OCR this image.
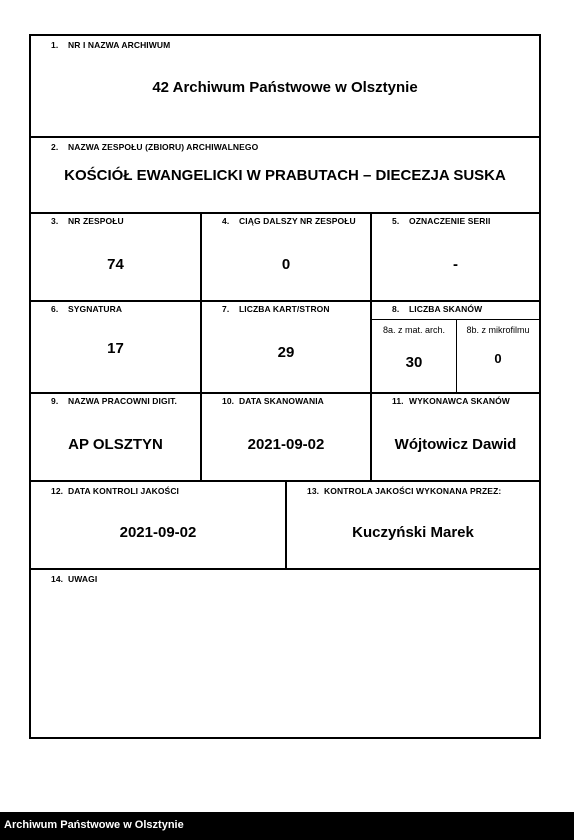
1. NR I NAZWA ARCHIWUM
42 Archiwum Państwowe w Olsztynie
2. NAZWA ZESPOŁU (ZBIORU) ARCHIWALNEGO
KOŚCIÓŁ EWANGELICKI W PRABUTACH – DIECEZJA SUSKA
3. NR ZESPOŁU
74
4. CIĄG DALSZY NR ZESPOŁU
0
5. OZNACZENIE SERII
-
6. SYGNATURA
17
7. LICZBA KART/STRON
29
8. LICZBA SKANÓW
8a. z mat. arch.
30
8b. z mikrofilmu
0
9. NAZWA PRACOWNI DIGIT.
AP OLSZTYN
10. DATA SKANOWANIA
2021-09-02
11. WYKONAWCA SKANÓW
Wójtowicz Dawid
12. DATA KONTROLI JAKOŚCI
2021-09-02
13. KONTROLA JAKOŚCI WYKONANA PRZEZ:
Kuczyński Marek
14. UWAGI
Archiwum Państwowe w Olsztynie
